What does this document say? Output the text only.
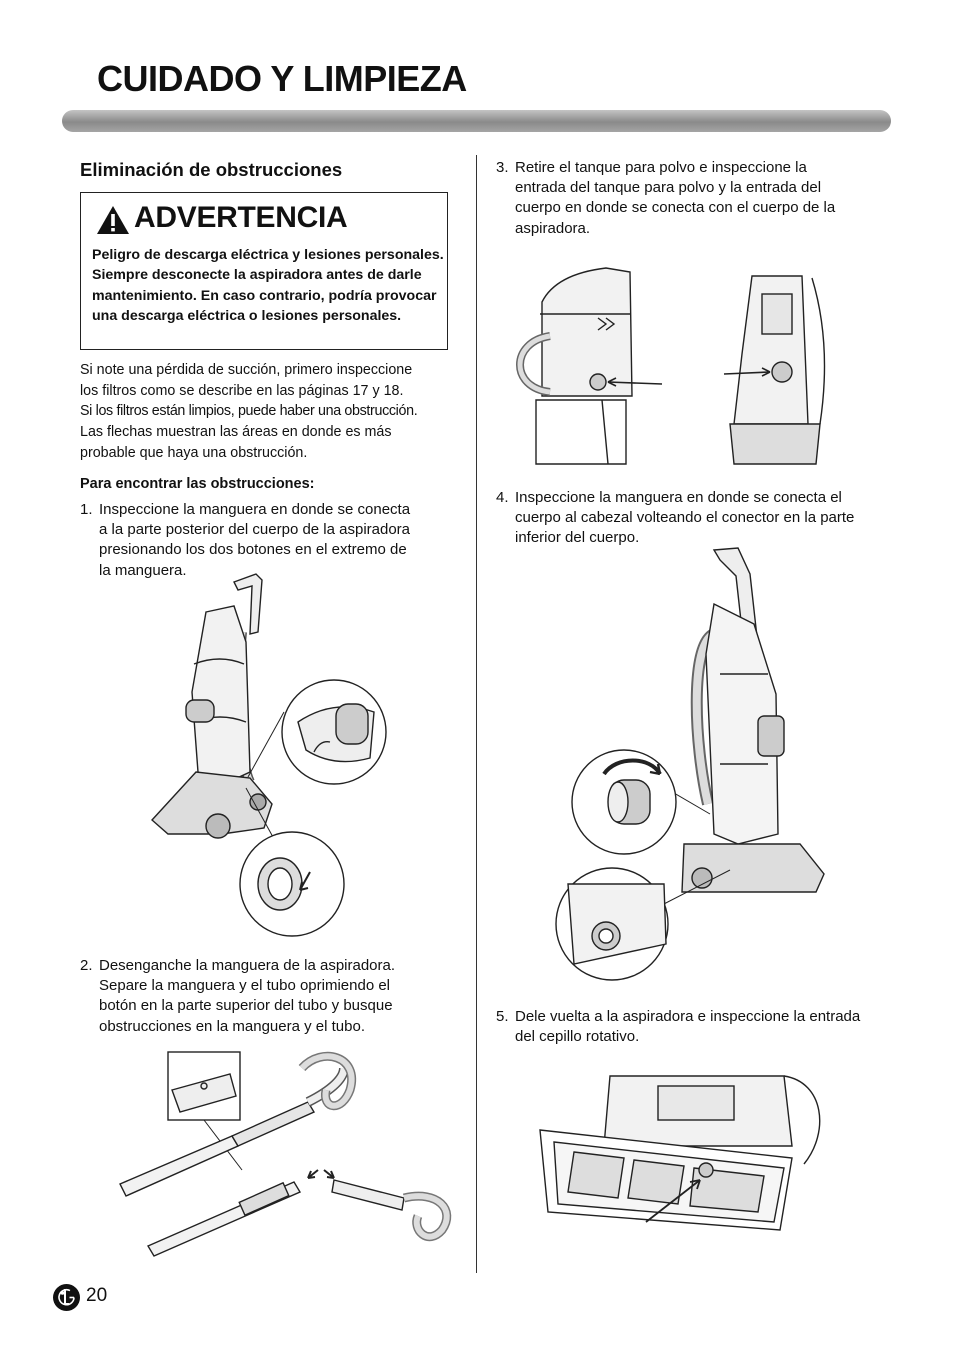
CUIDADO Y LIMPIEZA
Eliminación de obstrucciones
ADVERTENCIA
Peligro de descarga eléctrica y lesiones personales. Siempre desconecte la aspiradora antes de darle mantenimiento. En caso contrario, podría provocar una descarga eléctrica o lesiones personales.
Si note una pérdida de succión, primero inspeccione
los filtros como se describe en las páginas 17 y 18.
Si los filtros están limpios, puede haber una obstrucción.
Las flechas muestran las áreas en donde es más
probable que haya una obstrucción.
Para encontrar las obstrucciones:
1. Inspeccione la manguera en donde se conecta
a la parte posterior del cuerpo de la aspiradora
presionando los dos botones en el extremo de
la manguera.
2. Desenganche la manguera de la aspiradora.
Separe la manguera y el tubo oprimiendo el
botón en la parte superior del tubo y busque
obstrucciones en la manguera y el tubo.
3. Retire el tanque para polvo e inspeccione la
entrada del tanque para polvo y la entrada del
cuerpo en donde se conecta con el cuerpo de la
aspiradora.
4. Inspeccione la manguera en donde se conecta el
cuerpo al cabezal volteando el conector en la parte
inferior del cuerpo.
5. Dele vuelta a la aspiradora e inspeccione la entrada
del cepillo rotativo.
20
